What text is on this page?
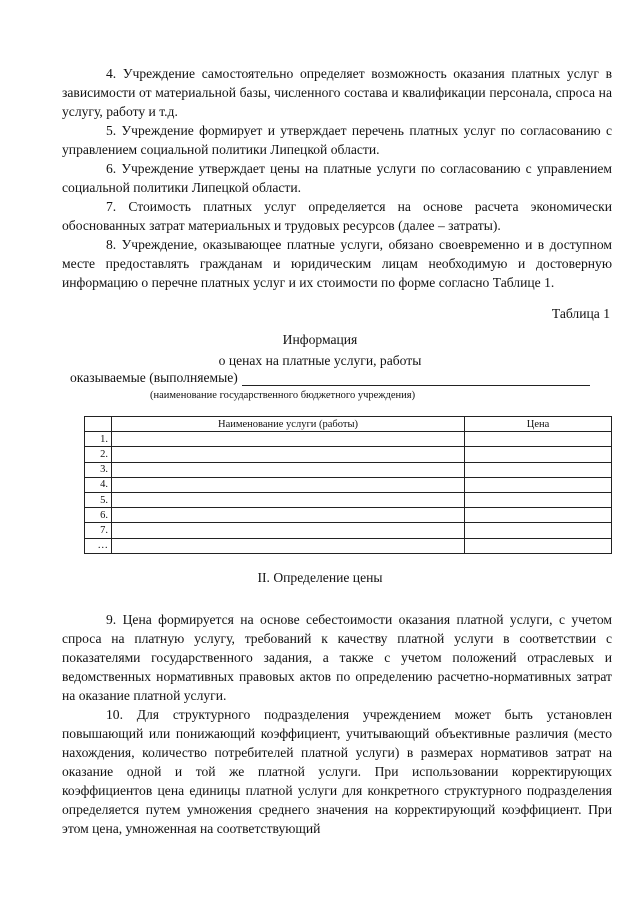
4. Учреждение самостоятельно определяет возможность оказания платных услуг в зависимости от материальной базы, численного состава и квалификации персонала, спроса на услугу, работу и т.д.

5. Учреждение формирует и утверждает перечень платных услуг по согласованию с управлением социальной политики Липецкой области.

6. Учреждение утверждает цены на платные услуги по согласованию с управлением социальной политики Липецкой области.

7. Стоимость платных услуг определяется на основе расчета экономически обоснованных затрат материальных и трудовых ресурсов (далее – затраты).

8. Учреждение, оказывающее платные услуги, обязано своевременно и в доступном месте предоставлять гражданам и юридическим лицам необходимую и достоверную информацию о перечне платных услуг и их стоимости по форме согласно Таблице 1.

Таблица 1
Информация
о ценах на платные услуги, работы
оказываемые (выполняемые)
(наименование государственного бюджетного учреждения)
	Наименование услуги (работы)	Цена
1.		
2.		
3.		
4.		
5.		
6.		
7.		
…		
II. Определение цены

9. Цена формируется на основе себестоимости оказания платной услуги, с учетом спроса на платную услугу, требований к качеству платной услуги в соответствии с показателями государственного задания, а также с учетом положений отраслевых и ведомственных нормативных правовых актов по определению расчетно-нормативных затрат на оказание платной услуги.

10. Для структурного подразделения учреждением может быть установлен повышающий или понижающий коэффициент, учитывающий объективные различия (место нахождения, количество потребителей платной услуги) в размерах нормативов затрат на оказание одной и той же платной услуги. При использовании корректирующих коэффициентов цена единицы платной услуги для конкретного структурного подразделения определяется путем умножения среднего значения на корректирующий коэффициент. При этом цена, умноженная на соответствующий
